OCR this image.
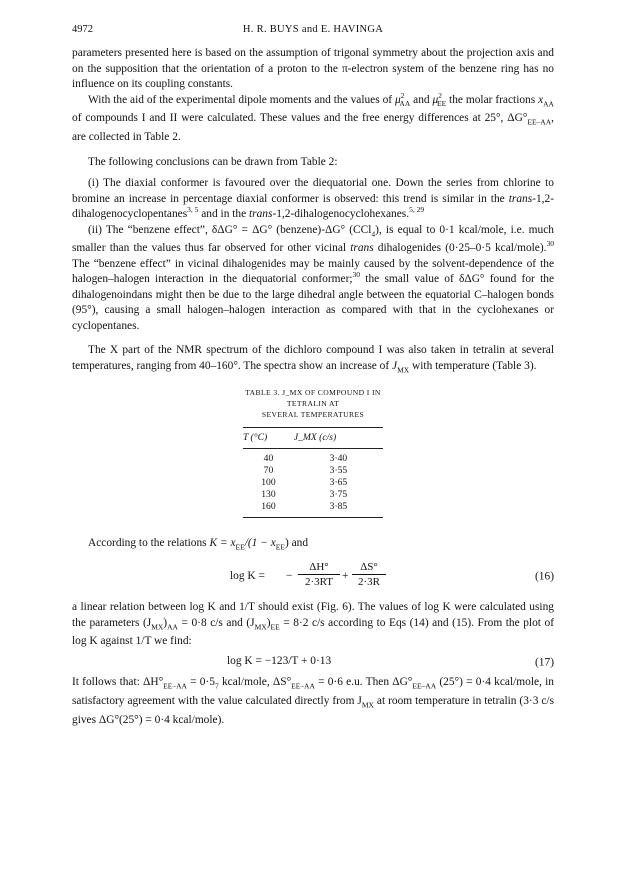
4972	H. R. BUYS and E. HAVINGA

parameters presented here is based on the assumption of trigonal symmetry about the projection axis and on the supposition that the orientation of a proton to the π-electron system of the benzene ring has no influence on its coupling constants.

With the aid of the experimental dipole moments and the values of $\mu^2_{AA}$ and $\mu^2_{EE}$ the molar fractions $x_{AA}$ of compounds I and II were calculated. These values and the free energy differences at 25°, $\Delta G^\circ_{EE-AA}$, are collected in Table 2.

The following conclusions can be drawn from Table 2:

(i) The diaxial conformer is favoured over the diequatorial one. Down the series from chlorine to bromine an increase in percentage diaxial conformer is observed: this trend is similar in the trans-1,2-dihalogenocyclopentanes$^{3, 5}$ and in the trans-1,2-dihalogenocyclohexanes.$^{5, 29}$

(ii) The “benzene effect”, δΔG° = ΔG° (benzene)-ΔG° (CCl$_4$), is equal to 0·1 kcal/mole, i.e. much smaller than the values thus far observed for other vicinal trans dihalogenides (0·25–0·5 kcal/mole).$^{30}$ The “benzene effect” in vicinal dihalogenides may be mainly caused by the solvent-dependence of the halogen–halogen interaction in the diequatorial conformer;$^{30}$ the small value of δΔG° found for the dihalogenoindans might then be due to the large dihedral angle between the equatorial C–halogen bonds (95°), causing a small halogen–halogen interaction as compared with that in the cyclohexanes or cyclopentanes.

The X part of the NMR spectrum of the dichloro compound I was also taken in tetralin at several temperatures, ranging from 40–160°. The spectra show an increase of $J_{MX}$ with temperature (Table 3).

TABLE 3. J_MX OF COMPOUND I IN TETRALIN AT
SEVERAL TEMPERATURES
T (°C)	J_MX (c/s)
40	3·40
70	3·55
100	3·65
130	3·75
160	3·85

According to the relations $K = x_{EE}/(1 - x_{EE})$ and

log K = − $\frac{\Delta H^\circ}{2\cdot 3RT} + \frac{\Delta S^\circ}{2\cdot 3R}$	(16)

a linear relation between log K and 1/T should exist (Fig. 6). The values of log K were calculated using the parameters $(J_{MX})_{AA} = 0\cdot 8$ c/s and $(J_{MX})_{EE} = 8\cdot 2$ c/s according to Eqs (14) and (15). From the plot of log K against 1/T we find:

log K = −123/T + 0·13	(17)

It follows that: $\Delta H^\circ_{EE-AA} = 0\cdot 5_7$ kcal/mole, $\Delta S^\circ_{EE-AA} = 0\cdot 6$ e.u. Then $\Delta G^\circ_{EE-AA}$ (25°) = 0·4 kcal/mole, in satisfactory agreement with the value calculated directly from $J_{MX}$ at room temperature in tetralin (3·3 c/s gives ΔG°(25°) = 0·4 kcal/mole).
